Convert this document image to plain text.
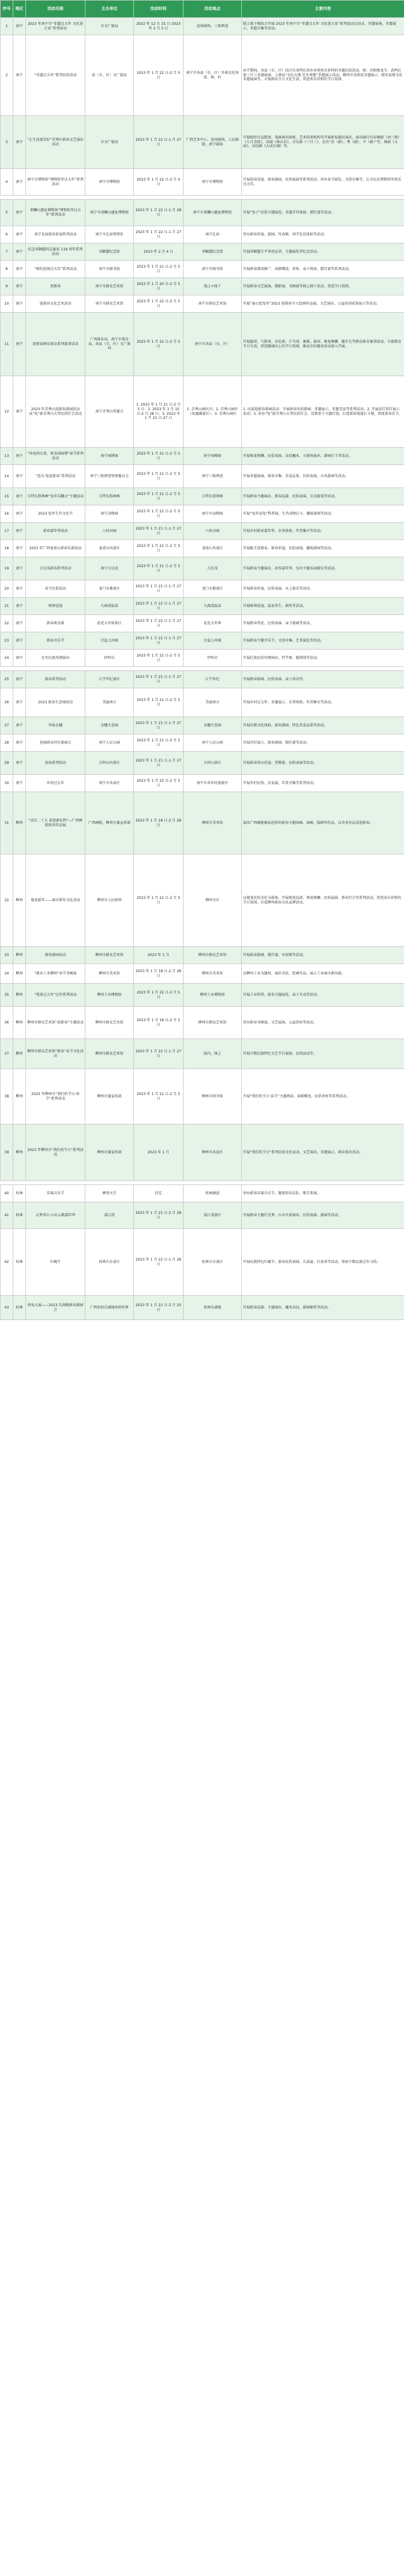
序号	地区	活动名称	主办单位	活动时间	活动地点	主要内容
1	南宁	2023 年南宁市“非遗过大年 文化进万家”系列活动	市文广旅局	2022 年 12 月 31 日-2023 年 2 月 5 日	邕州剧场、三街两巷	线上线下相结合开展 2023 年南宁市“非遗过大年 文化进万家”系列活动启动式、非遗展演、非遗展示、非遗市集等活动。
2	南宁	“非遗过大年”系列民俗活动	县（市、区）文广旅局	2023 年 1 月 22 日-2 月 5 日	南宁市各县（市、区）乡镇文化场馆、镇、村	春节期间，各县（市、区）结合自身特色举办各类形式多样的非遗民俗活动，如：宾阳炮龙节、武鸣壮族三月三非遗展演、上林县“金色大地 壮乡欢歌”非遗展示活动、横州市茉莉花非遗展示、隆安县那文化非遗展演等，丰富群众节日文化生活，营造欢乐祥和的节日氛围。
3	南宁	“让生活更美好”青秀区新春文艺演出活动	市文广旅局	2023 年 1 月 22 日-1 月 27 日	广西艺术中心、邕州剧场、人民剧院、南宁剧场	开展组织市直院团、戏曲演出团体、艺术培训机构等开展新春惠民演出，演出剧目有彩调剧《刘三姐》《七月青蛙》、话剧《谁认识》，音乐剧《三月三》，还有“京（剧）、粤（剧）、平（剧）”等，舞剧《大成》、杂技剧《大成长城》等。
4	南宁	南宁市博物馆“博物馆里过大年”系列活动	南宁市博物馆	2023 年 1 月 22 日-2 月 4 日	南宁市博物馆	开展迎春送福、新春游园、民俗展演等系列活动，举办春节展览、文创市集等，让市民在博物馆里欢乐过大年。

5	南宁	顶蛳山遗址博物馆“博物馆里过大年”系列活动	南宁市顶蛳山遗址博物馆	2023 年 1 月 22 日-1 月 28 日	南宁市顶蛳山遗址博物馆	开展“兔子”民俗主题展览、非遗手作体验、猜灯谜等活动。
6	南宁	南宁孔庙新春祈福系列活动	南宁市孔庙管理处	2023 年 1 月 22 日-1 月 27 日	南宁孔庙	举办新春祈福、游园、写春联、国学礼仪体验等活动。
7	南宁	纪念邓颖超同志诞辰 119 周年系列活动	邓颖超纪念馆	2023 年 2 月 4 日	邓颖超纪念馆	开展邓颖超生平事迹宣讲、主题展览等纪念活动。
8	南宁	“相约邕图过大年”系列活动	南宁市图书馆	2023 年 1 月 21 日-2 月 5 日	南宁市图书馆	开展新春阅读推广、春联赠送、讲座、亲子阅读、猜灯谜等系列活动。
9	南宁	贺新春	南宁市群众艺术馆	2023 年 1 月 20 日-2 月 5 日	线上+线下	开展新春文艺展演、摄影展、书画展等线上线下活动，营造节日氛围。
10	南宁	迎新春文化艺术活动	南宁市群众艺术馆	2023 年 1 月 22 日-2 月 5 日	南宁市群众艺术馆	开展“童心绘兔年”2023 迎新春少儿绘画作品展、文艺演出、公益培训成果展示等活动。
11	南宁	迎新春群众体育系列赛事活动	广西体育局、南宁市体育局、各县（市、区）文广旅局	2023 年 1 月 22 日-2 月 5 日	南宁市各县（市、区）	开展篮球、气排球、羽毛球、乒乓球、象棋、拔河、舞龙舞狮、健步走等群众体育赛事活动，丰富群众节日生活，营造健康向上的节日氛围，推动全民健身活动深入开展。
12	南宁	2023 年青秀山迎新春游园活动及“兔”游青秀山大型民俗灯会活动	南宁青秀山管委会	1. 2023 年 1 月 21 日-2 月 5 日；2. 2023 年 1 月 15 日-2 月 28 日；3. 2023 年 1 月 21 日-27 日	1. 青秀山园区内；2. 青秀山园区（凤凰湖景区）；3. 青秀山园区	1. 民族迎新春游园活动：开展新春民俗游园、非遗展示、非遗美食等系列活动；2. 开展花灯彩灯展示活动；3. 举办“兔”游青秀山大型民俗灯会，设置多个主题灯组，打造新春夜游打卡地，欢度新春佳节。
13	南宁	“异兔同庆贺，欢乐闹园博”春节系列活动	南宁园博园	2023 年 1 月 21 日-2 月 5 日	南宁园博园	开展舞龙舞狮、民俗表演、杂技魔术、小剧场演出、游园打卡等活动。
14	南宁	“邕岳·兔迎新春”系列活动	南宁三街两巷管理委员会	2023 年 1 月 21 日-2 月 5 日	南宁三街两巷	开展非遗展演、新春市集、美食品鉴、民俗表演、古风游园等活动。
15	南宁	方特东盟神画“兔年乐翻天”主题活动	方特东盟神画	2023 年 1 月 21 日-2 月 5 日	方特东盟神画	开展新春主题演出、新春巡游、民俗表演、互动游戏等活动。
16	南宁	2023 兔年生肖文化节	南宁动物园	2023 年 1 月 22 日-2 月 5 日	南宁市动物园	开展“兔年说兔”科普展、生肖动物打卡、趣味游园等活动。
17	南宁	新春嘉年华活动	八桂田园	2023 年 1 月 21 日-1 月 27 日	八桂田园	开展乡村新春嘉年华、农事体验、年货集市等活动。
18	南宁	2023 年广西龙虎山新春乐游活动	龙虎山风景区	2023 年 1 月 22 日-2 月 5 日	龙虎山风景区	开展猴王迎新春、新春祈福、民俗表演、趣味游园等活动。
19	南宁	万达茂新春系列活动	南宁万达茂	2023 年 1 月 21 日-2 月 5 日	万达茂	开展新春主题演出、冰雪嘉年华、室内主题乐园游玩等活动。
20	南宁	春节民俗活动	龙门水都景区	2023 年 1 月 21 日-1 月 27 日	龙门水都景区	开展新春祈福、民俗表演、水上游乐等活动。
21	南宁	财神送福	九曲湾温泉	2023 年 1 月 22 日-1 月 27 日	九曲湾温泉	开展财神送福、温泉养生、抽奖等活动。
22	南宁	新春欢乐游	花花大世界景区	2023 年 1 月 22 日-1 月 27 日	花花大世界	开展新春赏花、民俗表演、亲子游园等活动。
23	南宁	新春音乐节	百益上河城	2023 年 1 月 21 日-1 月 27 日	百益上河城	开展新春主题音乐节、文创市集、艺术展览等活动。
24	南宁	壮乡民族风情演出	伊岭岩	2023 年 1 月 22 日-2 月 5 日	伊岭岩	开展壮族民俗风情演出、竹竿舞、抛绣球等活动。

25	南宁	新春系列活动	江宇世纪景区	2023 年 1 月 21 日-1 月 27 日	江宇世纪	开展新春游园、民俗表演、亲子活动等。
26	南宁	2023 新春生态园活动	美丽南方	2023 年 1 月 21 日-2 月 5 日	美丽南方	开展乡村过大年、非遗展示、农事体验、年货集市等活动。
27	南宁	年味金穗	金穗生态园	2023 年 1 月 21 日-1 月 27 日	金穗生态园	开展农耕文化体验、新春游园、特色美食品鉴等活动。
28	南宁	邕园新春宫灯游园会	南宁人民公园	2023 年 1 月 21 日-2 月 5 日	南宁人民公园	开展宫灯展示、新春游园、猜灯谜等活动。
29	南宁	迎春系列活动	大明山风景区	2023 年 1 月 21 日-1 月 27 日	大明山景区	开展新春登山祈福、赏雾凇、民俗表演等活动。
30	南宁	乡村过大年	南宁市各县区	2023 年 1 月 22 日-2 月 5 日	南宁市各乡村旅游区	开展乡村民俗、农家宴、年货市集等系列活动。
31	柳州	“喜庆二十大 奋进新征程”—广西画院新春作品展	广西画院、柳州市委宣传部	2023 年 1 月 18 日-2 月 28 日	柳州市美术馆	展出广西画院画家创作的新春主题国画、油画、版画等作品，以美术作品喜迎新春。
32	柳州	炮龙新年——城市新年文化活动	柳州市人民政府	2023 年 1 月 22 日-2 月 5 日	柳州市区	以炮龙民俗文化为载体，开展炮龙巡游、舞龙舞狮、民俗展演、新春灯会等系列活动，营造喜庆祥和的节日氛围，打造柳州新春文化品牌活动。
33	柳州	新春游园活动	柳州市群众艺术馆	2023 年 1 月	柳州市群众艺术馆	开展新春游园、猜灯谜、写春联等活动。
34	柳州	“就业工业柳州”春节书画展	柳州市美术馆	2023 年 1 月 18 日-2 月 28 日	柳州市美术馆	以柳州工业为题材，展出书法、绘画作品，展示工业城市新风貌。
35	柳州	“我来过大年”过年系列活动	柳州工业博物馆	2023 年 1 月 22 日-2 月 5 日	柳州工业博物馆	开展工业科普、新春主题展览、亲子互动等活动。
36	柳州	柳州市群众艺术馆“迎新春”主题活动	柳州市群众艺术馆	2023 年 1 月 18 日-2 月 5 日	柳州市群众艺术馆	举办新春书画展、文艺展演、公益讲座等活动。
37	柳州	柳州市群众艺术馆“新春”春节文化活动	柳州市群众艺术馆	2023 年 1 月 22 日-1 月 27 日	馆内、线上	开展少数民族特色文艺节目展演、民俗活动等。
38	柳州	2023 年柳州市“我们的节日·春节”系列活动	柳州市委宣传部	2023 年 1 月 21 日-2 月 5 日	柳州市图书馆	开展“我们的节日·春节”主题阅读、春联赠送、民俗讲座等系列活动。
39	柳州	2023 年柳州市“我们的节日”系列活动	柳州市委宣传部	2023 年 1 月	柳州市各县区	开展“我们的节日”系列民俗文化活动、文艺演出、非遗展示、群众体育活动。

40	桂林	草莓音乐节	摩登天空	待定	桂林融创	举办新春草莓音乐节，邀请知名乐队、歌手参演。
41	桂林	灵秀雪山·山水云歌嘉年华	荔江湾	2023 年 1 月 21 日-2 月 28 日	荔江湾景区	开展新春主题灯光秀、山水实景演出、民俗表演、游园等活动。
42	桂林	红碗节	桂林古东景区	2023 年 1 月 22 日-1 月 28 日	桂林古东景区	开展民族特色红碗节、新春民俗表演、长桌宴、打油茶等活动，体验少数民族过年习俗。
43	桂林	鸿兔大展——2023 乐满地新春游园会	广西宏桂乐满地休闲世界	2023 年 1 月 21 日-2 月 25 日	桂林乐满地	开展新春巡游、主题演出、魔术杂技、游园抽奖等活动。
